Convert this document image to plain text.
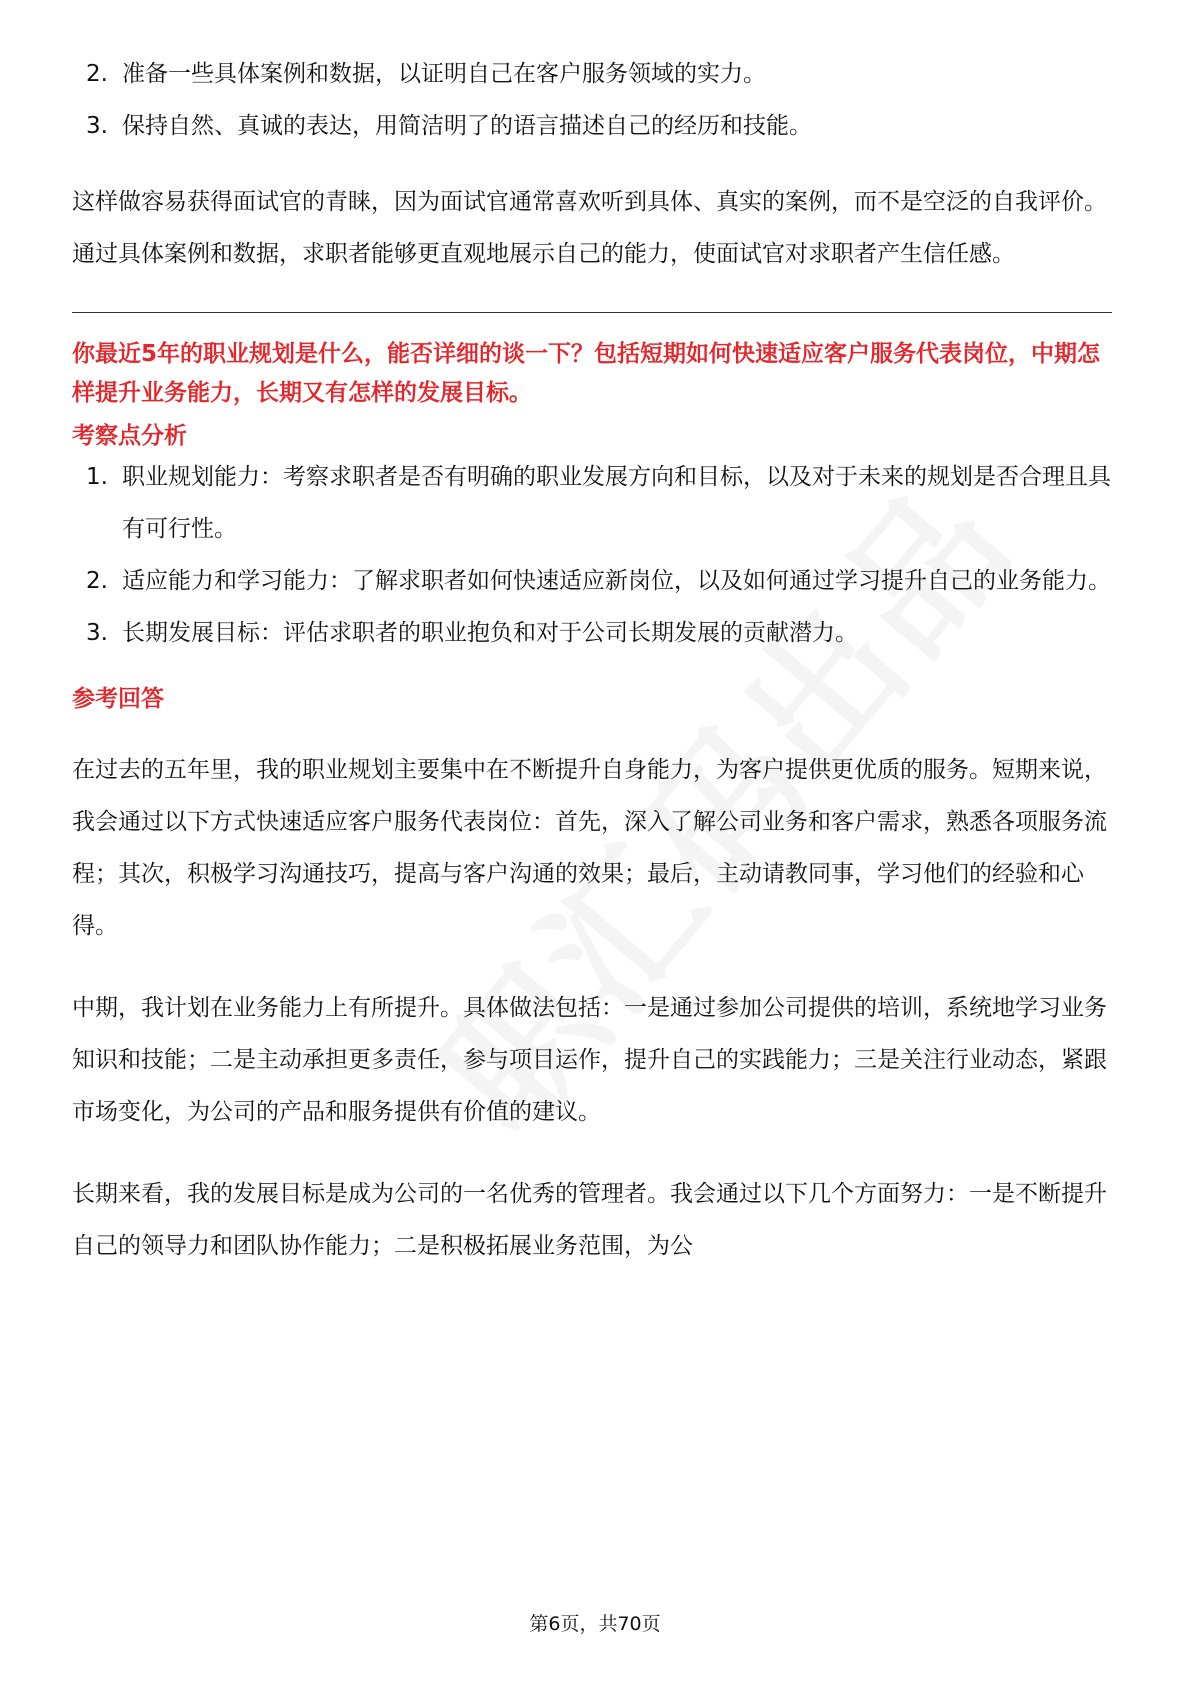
2. 准备一些具体案例和数据，以证明自己在客户服务领域的实力。
3. 保持自然、真诚的表达，用简洁明了的语言描述自己的经历和技能。

这样做容易获得面试官的青睐，因为面试官通常喜欢听到具体、真实的案例，而不是空泛的自我评价。通过具体案例和数据，求职者能够更直观地展示自己的能力，使面试官对求职者产生信任感。

你最近5年的职业规划是什么，能否详细的谈一下？包括短期如何快速适应客户服务代表岗位，中期怎样提升业务能力，长期又有怎样的发展目标。
考察点分析
1. 职业规划能力：考察求职者是否有明确的职业发展方向和目标，以及对于未来的规划是否合理且具有可行性。
2. 适应能力和学习能力：了解求职者如何快速适应新岗位，以及如何通过学习提升自己的业务能力。
3. 长期发展目标：评估求职者的职业抱负和对于公司长期发展的贡献潜力。
参考回答

在过去的五年里，我的职业规划主要集中在不断提升自身能力，为客户提供更优质的服务。短期来说，我会通过以下方式快速适应客户服务代表岗位：首先，深入了解公司业务和客户需求，熟悉各项服务流程；其次，积极学习沟通技巧，提高与客户沟通的效果；最后，主动请教同事，学习他们的经验和心得。

中期，我计划在业务能力上有所提升。具体做法包括：一是通过参加公司提供的培训，系统地学习业务知识和技能；二是主动承担更多责任，参与项目运作，提升自己的实践能力；三是关注行业动态，紧跟市场变化，为公司的产品和服务提供有价值的建议。

长期来看，我的发展目标是成为公司的一名优秀的管理者。我会通过以下几个方面努力：一是不断提升自己的领导力和团队协作能力；二是积极拓展业务范围，为公

第6页，共70页
